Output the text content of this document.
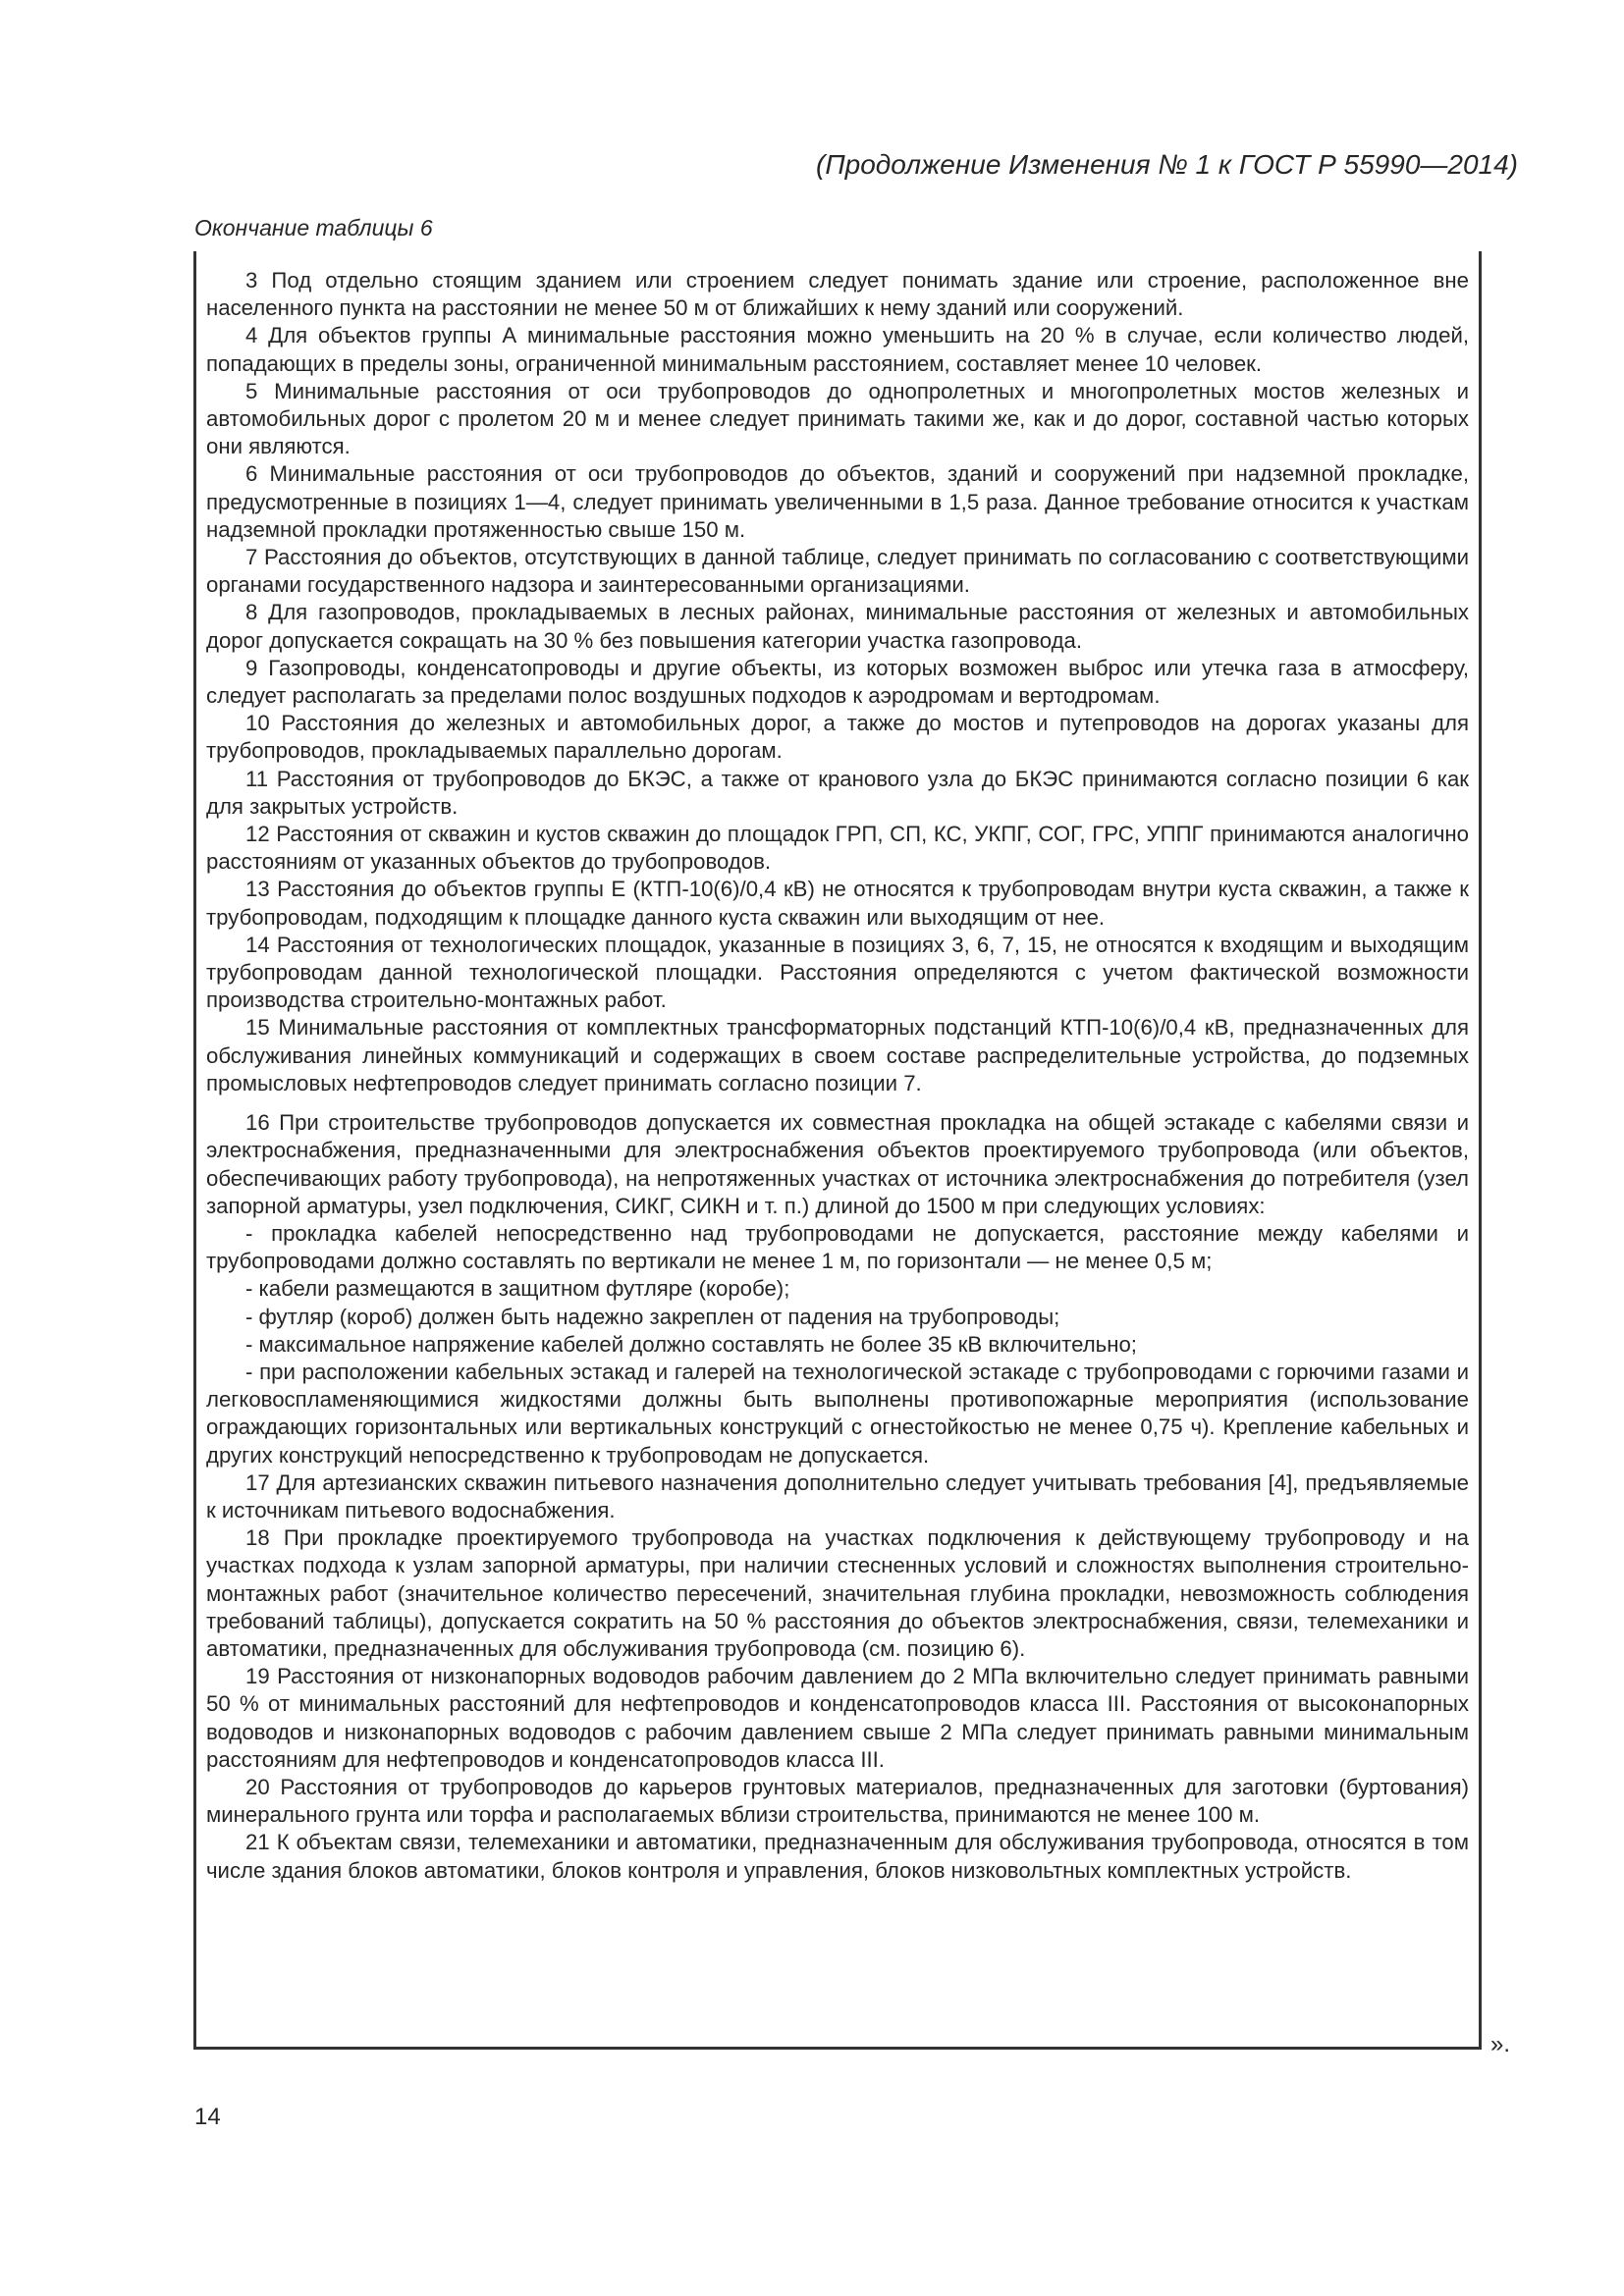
(Продолжение Изменения № 1 к ГОСТ Р 55990—2014)
Окончание таблицы 6

3 Под отдельно стоящим зданием или строением следует понимать здание или строение, расположенное вне населенного пункта на расстоянии не менее 50 м от ближайших к нему зданий или сооружений.

4 Для объектов группы А минимальные расстояния можно уменьшить на 20 % в случае, если количество людей, попадающих в пределы зоны, ограниченной минимальным расстоянием, составляет менее 10 человек.

5 Минимальные расстояния от оси трубопроводов до однопролетных и многопролетных мостов железных и автомобильных дорог с пролетом 20 м и менее следует принимать такими же, как и до дорог, составной частью которых они являются.

6 Минимальные расстояния от оси трубопроводов до объектов, зданий и сооружений при надземной прокладке, предусмотренные в позициях 1—4, следует принимать увеличенными в 1,5 раза. Данное требование относится к участкам надземной прокладки протяженностью свыше 150 м.

7 Расстояния до объектов, отсутствующих в данной таблице, следует принимать по согласованию с соответствующими органами государственного надзора и заинтересованными организациями.

8 Для газопроводов, прокладываемых в лесных районах, минимальные расстояния от железных и автомобильных дорог допускается сокращать на 30 % без повышения категории участка газопровода.

9 Газопроводы, конденсатопроводы и другие объекты, из которых возможен выброс или утечка газа в атмосферу, следует располагать за пределами полос воздушных подходов к аэродромам и вертодромам.

10 Расстояния до железных и автомобильных дорог, а также до мостов и путепроводов на дорогах указаны для трубопроводов, прокладываемых параллельно дорогам.

11 Расстояния от трубопроводов до БКЭС, а также от кранового узла до БКЭС принимаются согласно позиции 6 как для закрытых устройств.

12 Расстояния от скважин и кустов скважин до площадок ГРП, СП, КС, УКПГ, СОГ, ГРС, УППГ принимаются аналогично расстояниям от указанных объектов до трубопроводов.

13 Расстояния до объектов группы Е (КТП-10(6)/0,4 кВ) не относятся к трубопроводам внутри куста скважин, а также к трубопроводам, подходящим к площадке данного куста скважин или выходящим от нее.

14 Расстояния от технологических площадок, указанные в позициях 3, 6, 7, 15, не относятся к входящим и выходящим трубопроводам данной технологической площадки. Расстояния определяются с учетом фактической возможности производства строительно-монтажных работ.

15 Минимальные расстояния от комплектных трансформаторных подстанций КТП-10(6)/0,4 кВ, предназначенных для обслуживания линейных коммуникаций и содержащих в своем составе распределительные устройства, до подземных промысловых нефтепроводов следует принимать согласно позиции 7.

16 При строительстве трубопроводов допускается их совместная прокладка на общей эстакаде с кабелями связи и электроснабжения, предназначенными для электроснабжения объектов проектируемого трубопровода (или объектов, обеспечивающих работу трубопровода), на непротяженных участках от источника электроснабжения до потребителя (узел запорной арматуры, узел подключения, СИКГ, СИКН и т. п.) длиной до 1500 м при следующих условиях:

- прокладка кабелей непосредственно над трубопроводами не допускается, расстояние между кабелями и трубопроводами должно составлять по вертикали не менее 1 м, по горизонтали — не менее 0,5 м;

- кабели размещаются в защитном футляре (коробе);

- футляр (короб) должен быть надежно закреплен от падения на трубопроводы;

- максимальное напряжение кабелей должно составлять не более 35 кВ включительно;

- при расположении кабельных эстакад и галерей на технологической эстакаде с трубопроводами с горючими газами и легковоспламеняющимися жидкостями должны быть выполнены противопожарные мероприятия (использование ограждающих горизонтальных или вертикальных конструкций с огнестойкостью не менее 0,75 ч). Крепление кабельных и других конструкций непосредственно к трубопроводам не допускается.

17 Для артезианских скважин питьевого назначения дополнительно следует учитывать требования [4], предъявляемые к источникам питьевого водоснабжения.

18 При прокладке проектируемого трубопровода на участках подключения к действующему трубопроводу и на участках подхода к узлам запорной арматуры, при наличии стесненных условий и сложностях выполнения строительно-монтажных работ (значительное количество пересечений, значительная глубина прокладки, невозможность соблюдения требований таблицы), допускается сократить на 50 % расстояния до объектов электроснабжения, связи, телемеханики и автоматики, предназначенных для обслуживания трубопровода (см. позицию 6).

19 Расстояния от низконапорных водоводов рабочим давлением до 2 МПа включительно следует принимать равными 50 % от минимальных расстояний для нефтепроводов и конденсатопроводов класса III. Расстояния от высоконапорных водоводов и низконапорных водоводов с рабочим давлением свыше 2 МПа следует принимать равными минимальным расстояниям для нефтепроводов и конденсатопроводов класса III.

20 Расстояния от трубопроводов до карьеров грунтовых материалов, предназначенных для заготовки (буртования) минерального грунта или торфа и располагаемых вблизи строительства, принимаются не менее 100 м.

21 К объектам связи, телемеханики и автоматики, предназначенным для обслуживания трубопровода, относятся в том числе здания блоков автоматики, блоков контроля и управления, блоков низковольтных комплектных устройств.

».
14
